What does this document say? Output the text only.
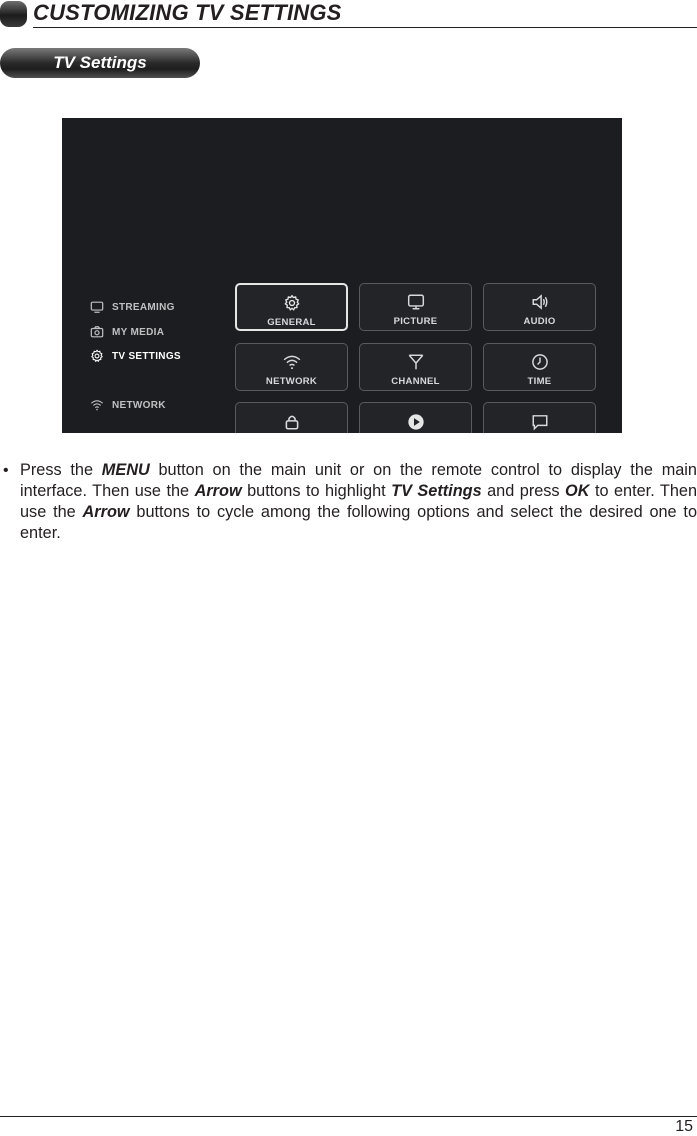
CUSTOMIZING TV SETTINGS
TV Settings
STREAMING
MY MEDIA
TV SETTINGS
NETWORK
GENERAL	PICTURE	AUDIO
NETWORK	CHANNEL	TIME
• Press the MENU button on the main unit or on the remote control to display the main interface. Then use the Arrow buttons to highlight TV Settings and press OK to enter. Then use the Arrow buttons to cycle among the following options and select the desired one to enter.
15
